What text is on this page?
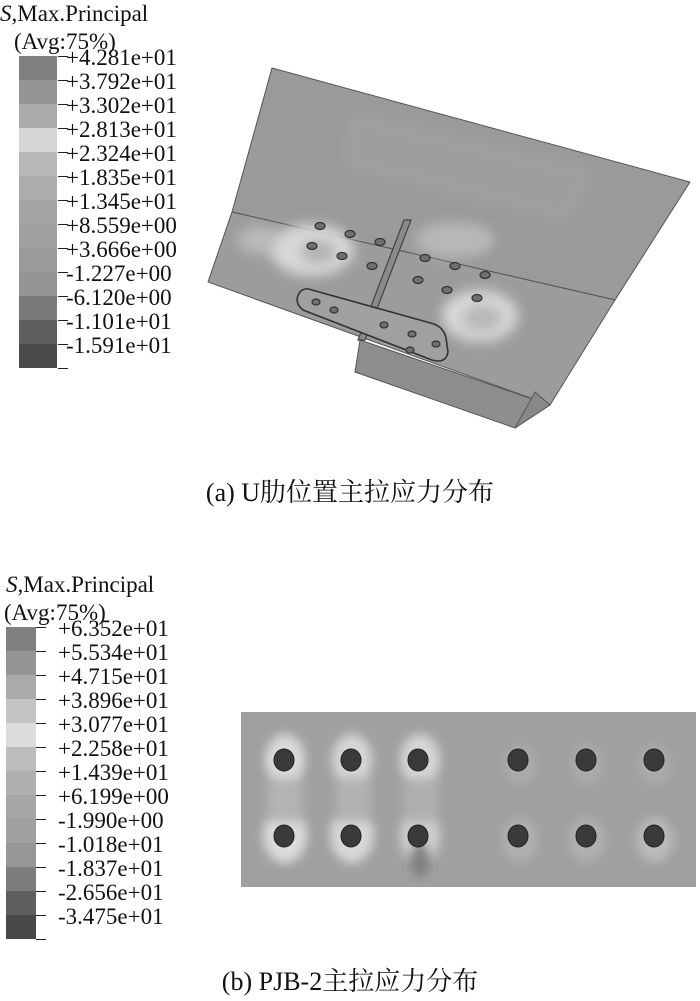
S,Max.Principal
(Avg:75%)
+4.281e+01
+3.792e+01
+3.302e+01
+2.813e+01
+2.324e+01
+1.835e+01
+1.345e+01
+8.559e+00
+3.666e+00
-1.227e+00
-6.120e+00
-1.101e+01
-1.591e+01
(a) U肋位置主拉应力分布
S,Max.Principal
(Avg:75%)
+6.352e+01
+5.534e+01
+4.715e+01
+3.896e+01
+3.077e+01
+2.258e+01
+1.439e+01
+6.199e+00
-1.990e+00
-1.018e+01
-1.837e+01
-2.656e+01
-3.475e+01
(b) PJB-2主拉应力分布
